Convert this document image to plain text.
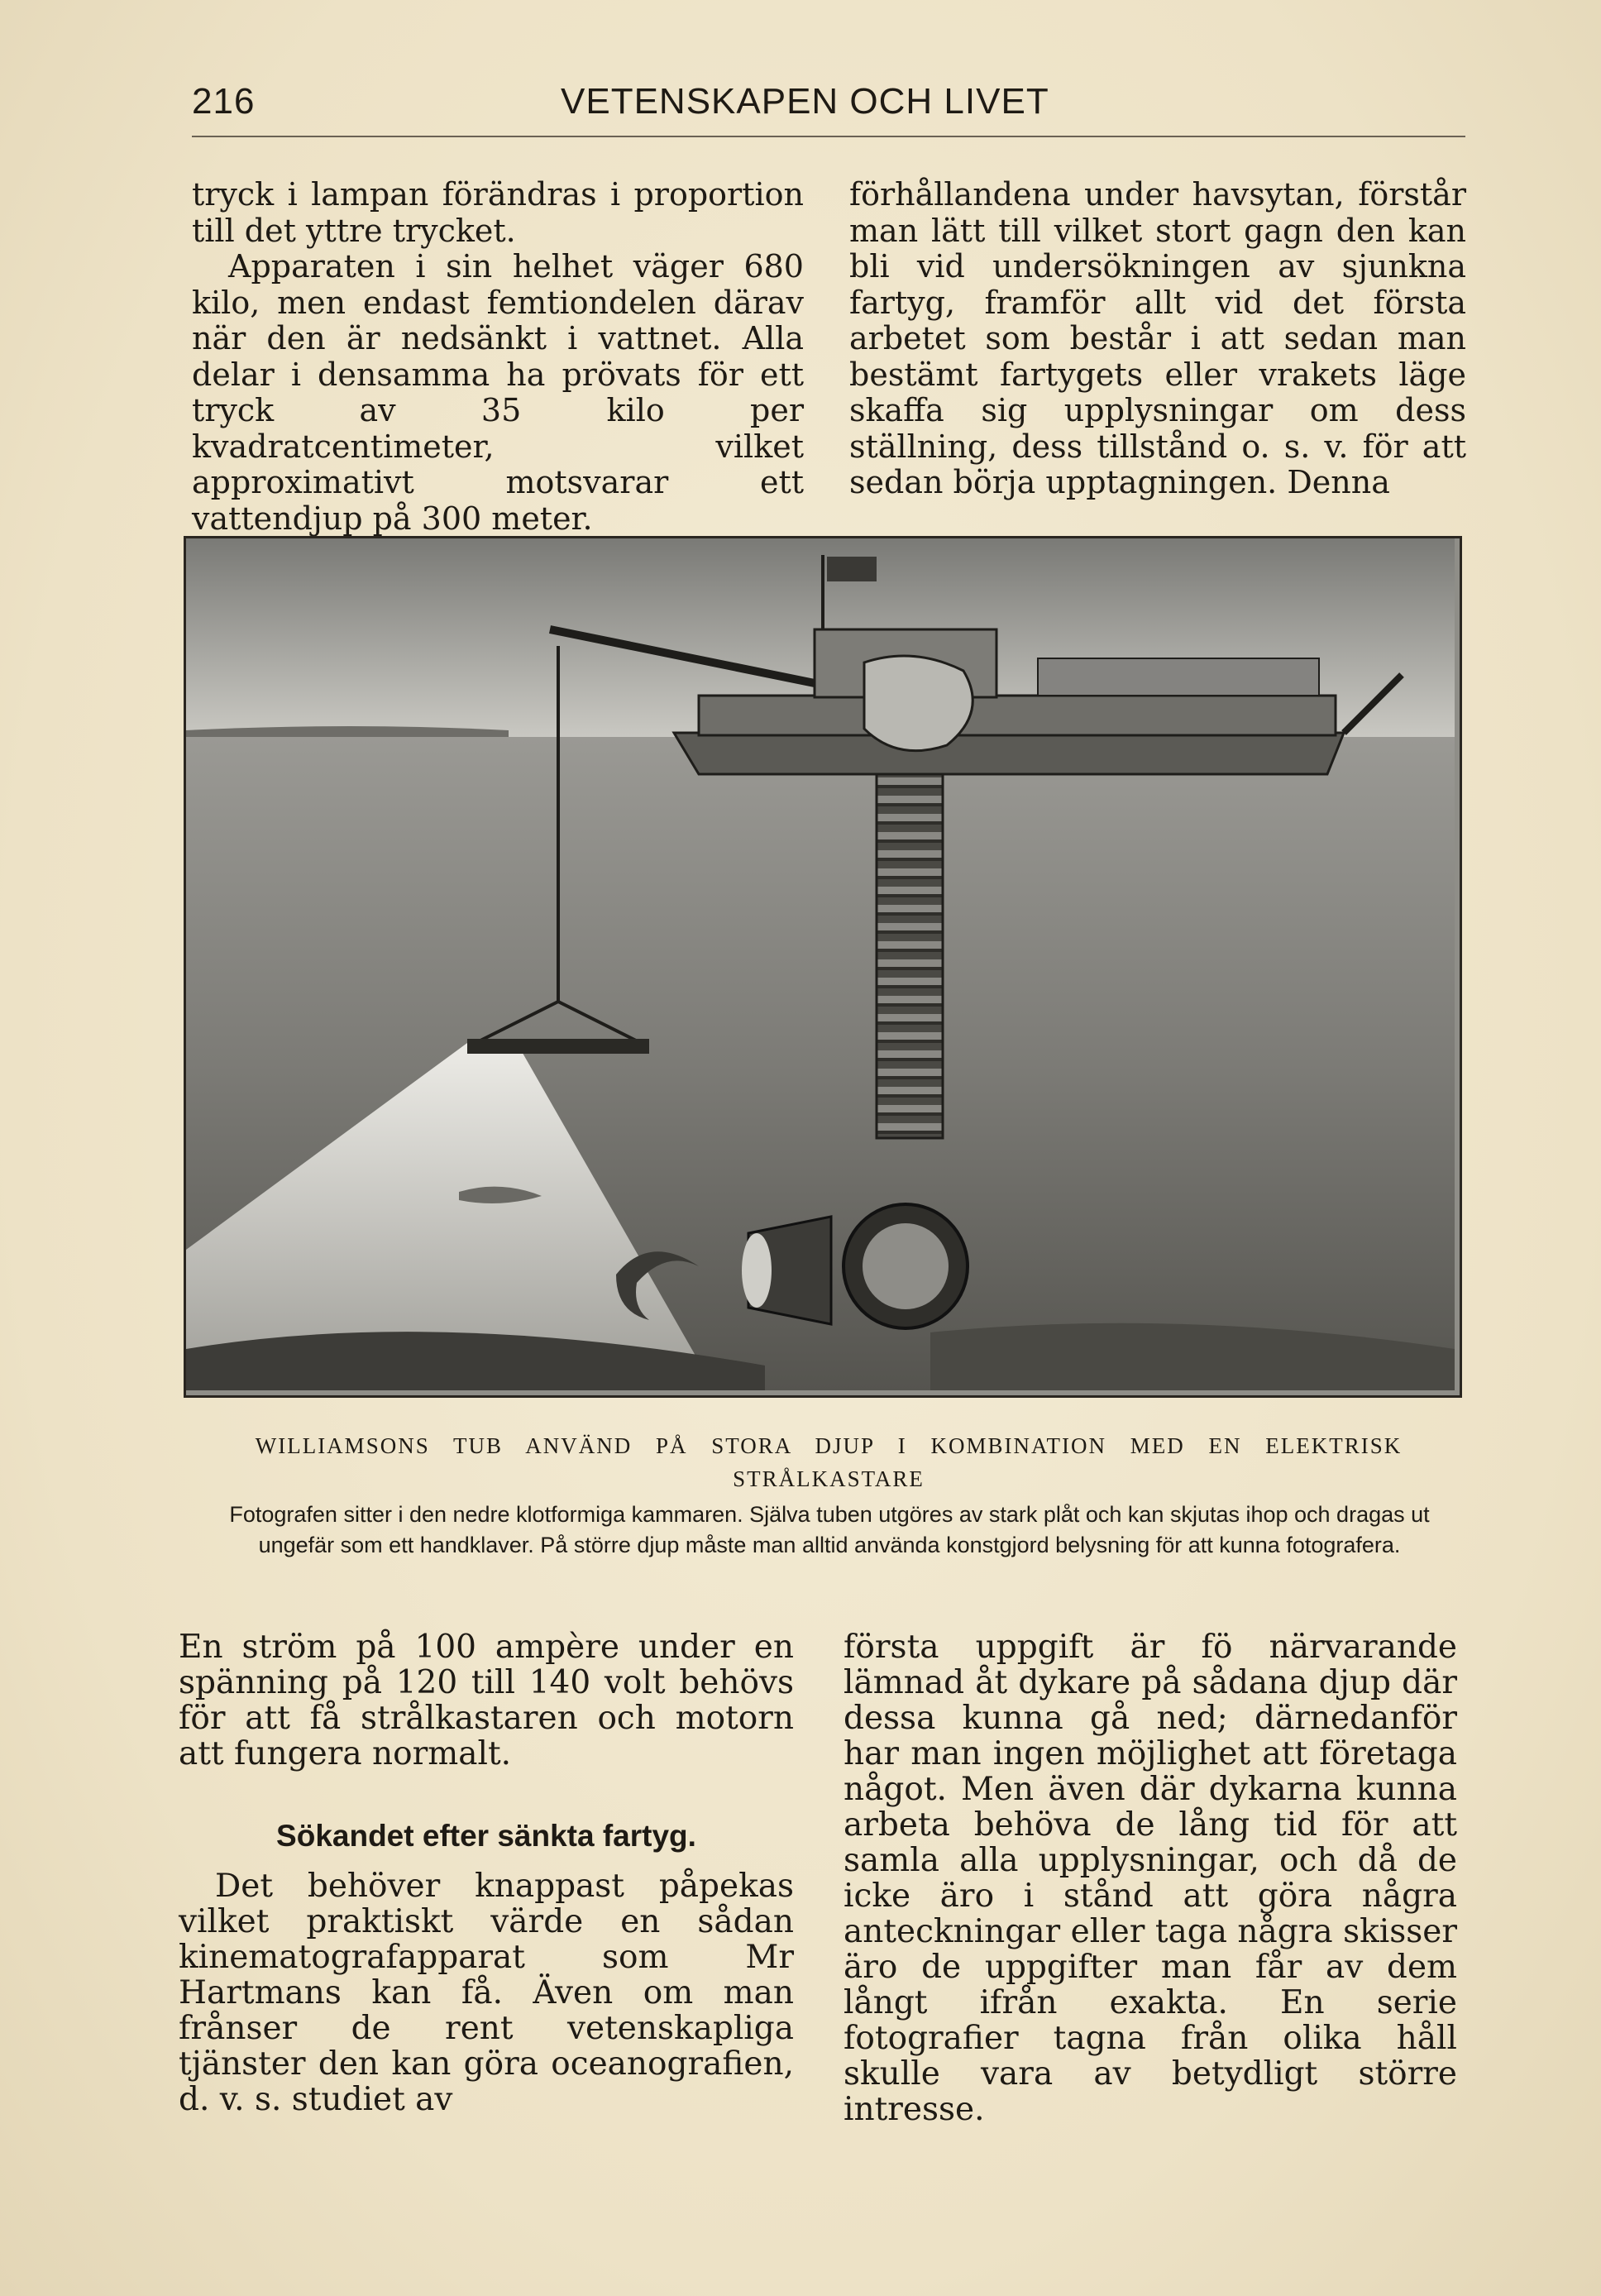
216	VETENSKAPEN OCH LIVET

tryck i lampan förändras i proportion till det yttre trycket.

Apparaten i sin helhet väger 680 kilo, men endast femtiondelen därav när den är nedsänkt i vattnet. Alla delar i densamma ha prövats för ett tryck av 35 kilo per kvadratcentimeter, vilket approximativt motsvarar ett vattendjup på 300 meter.

förhållandena under havsytan, förstår man lätt till vilket stort gagn den kan bli vid undersökningen av sjunkna fartyg, framför allt vid det första arbetet som består i att sedan man bestämt fartygets eller vrakets läge skaffa sig upplysningar om dess ställning, dess tillstånd o. s. v. för att sedan börja upptagningen. Denna

WILLIAMSONS TUB ANVÄND PÅ STORA DJUP I KOMBINATION MED EN ELEKTRISK STRÅLKASTARE
Fotografen sitter i den nedre klotformiga kammaren. Själva tuben utgöres av stark plåt och kan skjutas ihop och dragas ut ungefär som ett handklaver. På större djup måste man alltid använda konstgjord belysning för att kunna fotografera.

En ström på 100 ampère under en spänning på 120 till 140 volt behövs för att få strålkastaren och motorn att fungera normalt.

Sökandet efter sänkta fartyg.

Det behöver knappast påpekas vilket praktiskt värde en sådan kinematografapparat som Mr Hartmans kan få. Även om man frånser de rent vetenskapliga tjänster den kan göra oceanografien, d. v. s. studiet av

första uppgift är fö närvarande lämnad åt dykare på sådana djup där dessa kunna gå ned; därnedanför har man ingen möjlighet att företaga något. Men även där dykarna kunna arbeta behöva de lång tid för att samla alla upplysningar, och då de icke äro i stånd att göra några anteckningar eller taga några skisser äro de uppgifter man får av dem långt ifrån exakta. En serie fotografier tagna från olika håll skulle vara av betydligt större intresse.
